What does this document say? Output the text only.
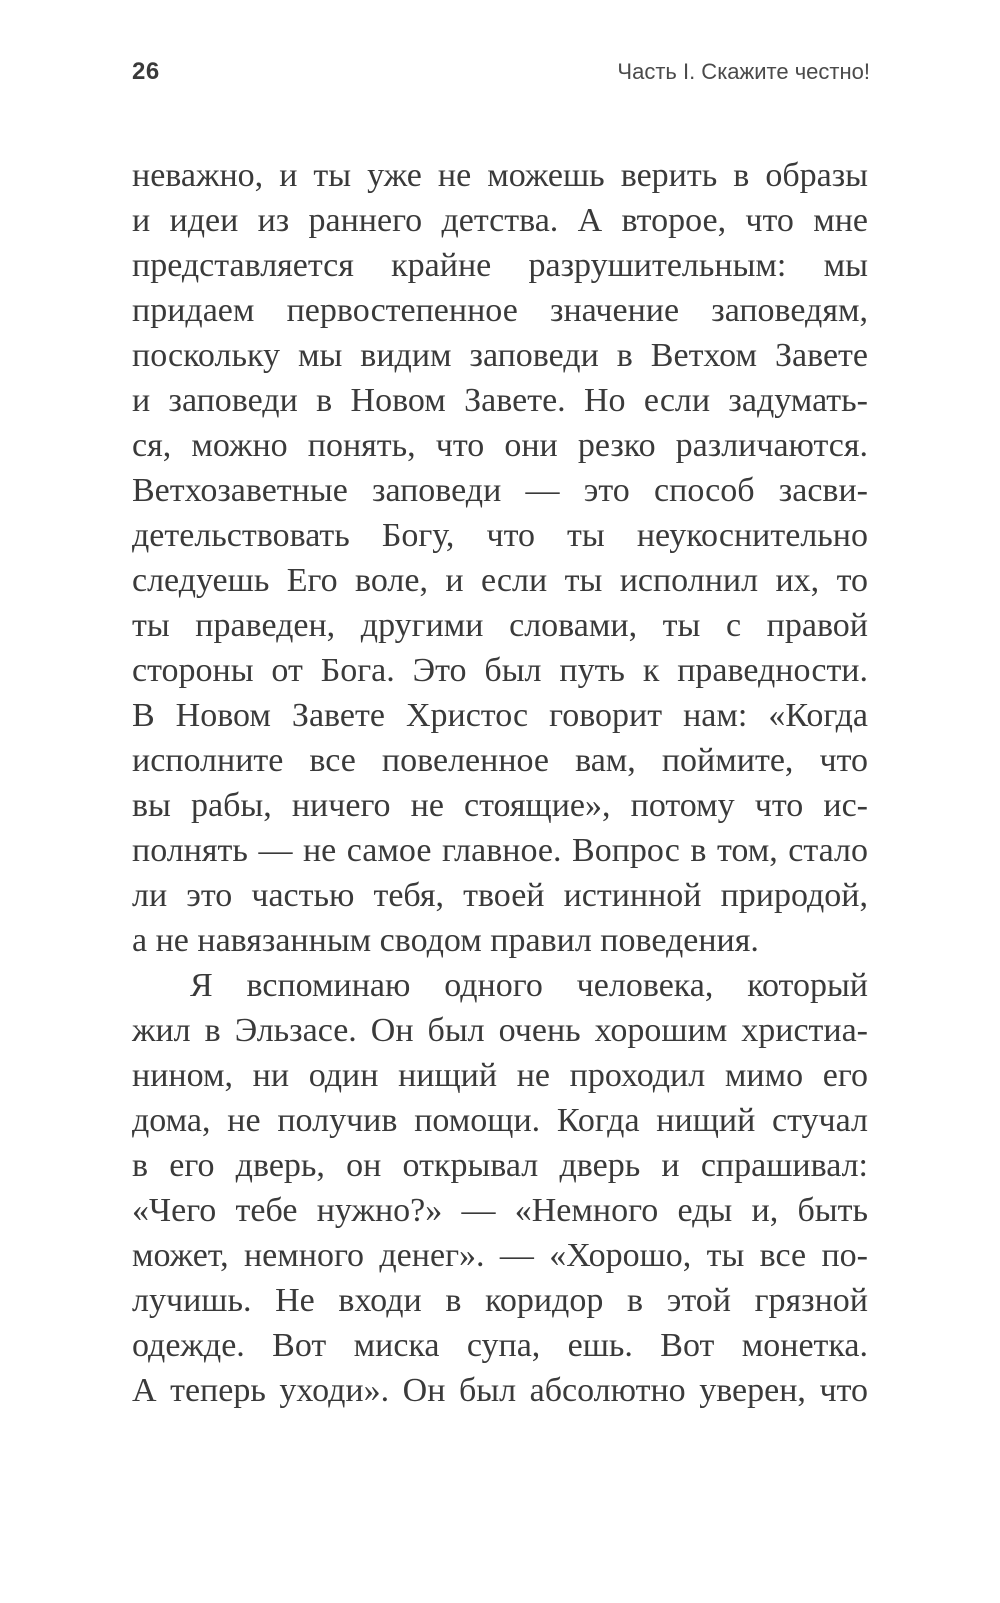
26	Часть I. Скажите честно!
неважно, и ты уже не можешь верить в образы
и идеи из раннего детства. А второе, что мне
представляется крайне разрушительным: мы
придаем первостепенное значение заповедям,
поскольку мы видим заповеди в Ветхом Завете
и заповеди в Новом Завете. Но если задумать-
ся, можно понять, что они резко различаются.
Ветхозаветные заповеди — это способ засви-
детельствовать Богу, что ты неукоснительно
следуешь Его воле, и если ты исполнил их, то
ты праведен, другими словами, ты с правой
стороны от Бога. Это был путь к праведности.
В Новом Завете Христос говорит нам: «Когда
исполните все повеленное вам, поймите, что
вы рабы, ничего не стоящие», потому что ис-
полнять — не самое главное. Вопрос в том, стало
ли это частью тебя, твоей истинной природой,
а не навязанным сводом правил поведения.
Я вспоминаю одного человека, который
жил в Эльзасе. Он был очень хорошим христиа-
нином, ни один нищий не проходил мимо его
дома, не получив помощи. Когда нищий стучал
в его дверь, он открывал дверь и спрашивал:
«Чего тебе нужно?» — «Немного еды и, быть
может, немного денег». — «Хорошо, ты все по-
лучишь. Не входи в коридор в этой грязной
одежде. Вот миска супа, ешь. Вот монетка.
А теперь уходи». Он был абсолютно уверен, что
